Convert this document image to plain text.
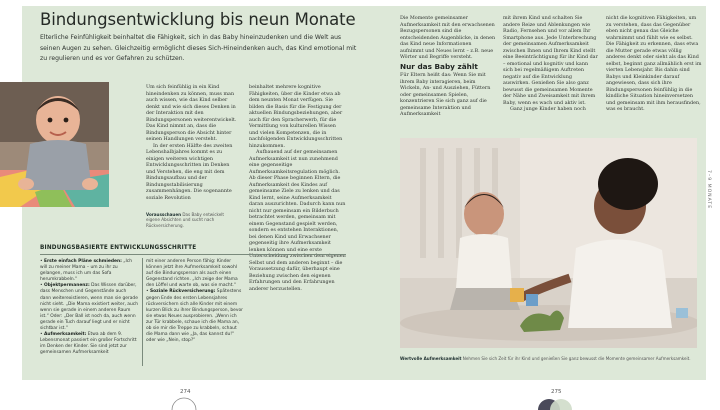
Bindungsentwicklung bis neun Monate

Elterliche Feinfühligkeit beinhaltet die Fähigkeit, sich in das Baby hineinzudenken und die Welt aus seinen Augen zu sehen. Gleichzeitig ermöglicht dieses Sich-Hineindenken auch, das Kind emotional mit zu regulieren und es vor Gefahren zu schützen.

Um sich feinfühlig in ein Kind hineindenken zu können, muss man auch wissen, wie das Kind selber denkt und wie sich dieses Denken in der Interaktion mit den Bindungspersonen weiterentwickelt. Das Kind nimmt an, dass die Bindungsperson die Absicht hinter seinen Handlungen versteht.

In der ersten Hälfte des zweiten Lebenshalbjahres kommt es zu einigen weiteren wichtigen Entwicklungsschritten im Denken und Verstehen, die eng mit dem Bindungsaufbau und der Bindungsstabilisierung zusammenhängen. Die sogenannte soziale Revolution

Vorausschauen Das Baby entwickelt eigene Absichten und sucht nach Rückversicherung.

beinhaltet mehrere kognitive Fähigkeiten, über die Kinder etwa ab dem neunten Monat verfügen. Sie bilden die Basis für die Festigung der aktuellen Bindungsbeziehungen, aber auch für den Spracherwerb, für die Vermittlung von kulturellen Wissen und vielen Kompetenzen, die in nachfolgenden Entwicklungsschritten hinzukommen.

Aufbauend auf der gemeinsamen Aufmerksamkeit ist nun zunehmend eine gegenseitige Aufmerksamkeitsregulation möglich. Ab dieser Phase beginnen Eltern, die Aufmerksamkeit des Kindes auf gemeinsame Ziele zu lenken und das Kind lernt, seine Aufmerksamkeit daran auszurichten. Dadurch kann nun nicht nur gemeinsam ein Bilderbuch betrachtet werden, gemeinsam mit einem Gegenstand gespielt werden, sondern es entstehen Interaktionen, bei denen Kind und Erwachsener gegenseitig ihre Aufmerksamkeit lenken können und eine erste Unterscheidung zwischen dem eigenen Selbst und dem anderen beginnt – die Voraussetzung dafür, überhaupt eine Beziehung zwischen den eigenen Erfahrungen und den Erfahrungen anderer herzustellen.

Die Momente gemeinsamer Aufmerksamkeit mit den erwachsenen Bezugspersonen sind die entscheidenden Augenblicke, in denen das Kind neue Informationen aufnimmt und Neues lernt – z.B. neue Wörter und Begriffe versteht.

Nur das Baby zählt

Für Eltern heißt das: Wenn Sie mit ihrem Baby interagieren, beim Wickeln, An- und Ausziehen, Füttern oder gemeinsamen Spielen, konzentrieren Sie sich ganz auf die gemeinsame Interaktion und Aufmerksamkeit

mit ihrem Kind und schalten Sie andere Reize und Ablenkungen wie Radio, Fernsehen und vor allem Ihr Smartphone aus. Jede Unterbrechung der gemeinsamen Aufmerksamkeit zwischen Ihnen und Ihrem Kind stellt eine Beeinträchtigung für ihr Kind dar – emotional und kognitiv und kann sich bei regelmäßigem Auftreten negativ auf die Entwicklung auswirken. Genießen Sie also ganz bewusst die gemeinsamen Momente der Nähe und Zweisamkeit mit ihrem Baby, wenn es wach und aktiv ist.

Ganz junge Kinder haben noch

nicht die kognitiven Fähigkeiten, um zu verstehen, dass das Gegenüber eben nicht genau das Gleiche wahrnimmt und fühlt wie es selbst. Die Fähigkeit zu erkennen, dass etwa die Mutter gerade etwas völlig anderes denkt oder sieht als das Kind selbst, beginnt ganz allmählich erst im vierten Lebensjahr. Bis dahin sind Babys und Kleinkinder darauf angewiesen, dass sich ihre Bindungspersonen feinfühlig in die kindliche Situation hineinversetzen und gemeinsam mit ihm herausfinden, was es braucht.

Wertvolle Aufmerksamkeit Nehmen Sie sich Zeit für ihr Kind und genießen Sie ganz bewusst die Momente gemeinsamer Aufmerksamkeit.
BINDUNGSBASIERTE ENTWICKLUNGSSCHRITTE

• Erste einfach Pläne schmieden: „Ich will zu meiner Mama – um zu ihr zu gelangen, muss ich um das Sofa herumkrabbeln.“

• Objektpermanenz: Das Wissen darüber, dass Menschen und Gegenstände auch dann weiterexistieren, wenn man sie gerade nicht sieht. „Die Mama existiert weiter, auch wenn sie gerade in einem anderen Raum ist.“ Oder: „Der Ball ist noch da, auch wenn gerade ein Tuch darauf liegt und er nicht sichtbar ist.“

• Aufmerksamkeit: Etwa ab dem 9. Lebensmonat passiert ein großer Fortschritt im Denken der Kinder. Sie sind jetzt zur gemeinsamen Aufmerksamkeit

mit einer anderen Person fähig: Kinder können jetzt ihre Aufmerksamkeit sowohl auf die Bindungsperson als auch einen Gegenstand richten. „Ich zeige der Mama den Löffel und warte ob, was sie macht.“

• Soziale Rückversicherung: Spätestens gegen Ende des ersten Lebensjahres rückversichern sich alle Kinder mit einem kurzen Blick zu ihrer Bindungsperson, bevor sie etwas Neues ausprobieren. „Wenn ich zur Tür krabbele, schaue ich die Mama an, ob sie mir die Treppe zu krabbeln, schaut die Mama dann wie „Ja, das kannst du!“ oder wie „Nein, stop?“

7–9 MONATE
274	275
